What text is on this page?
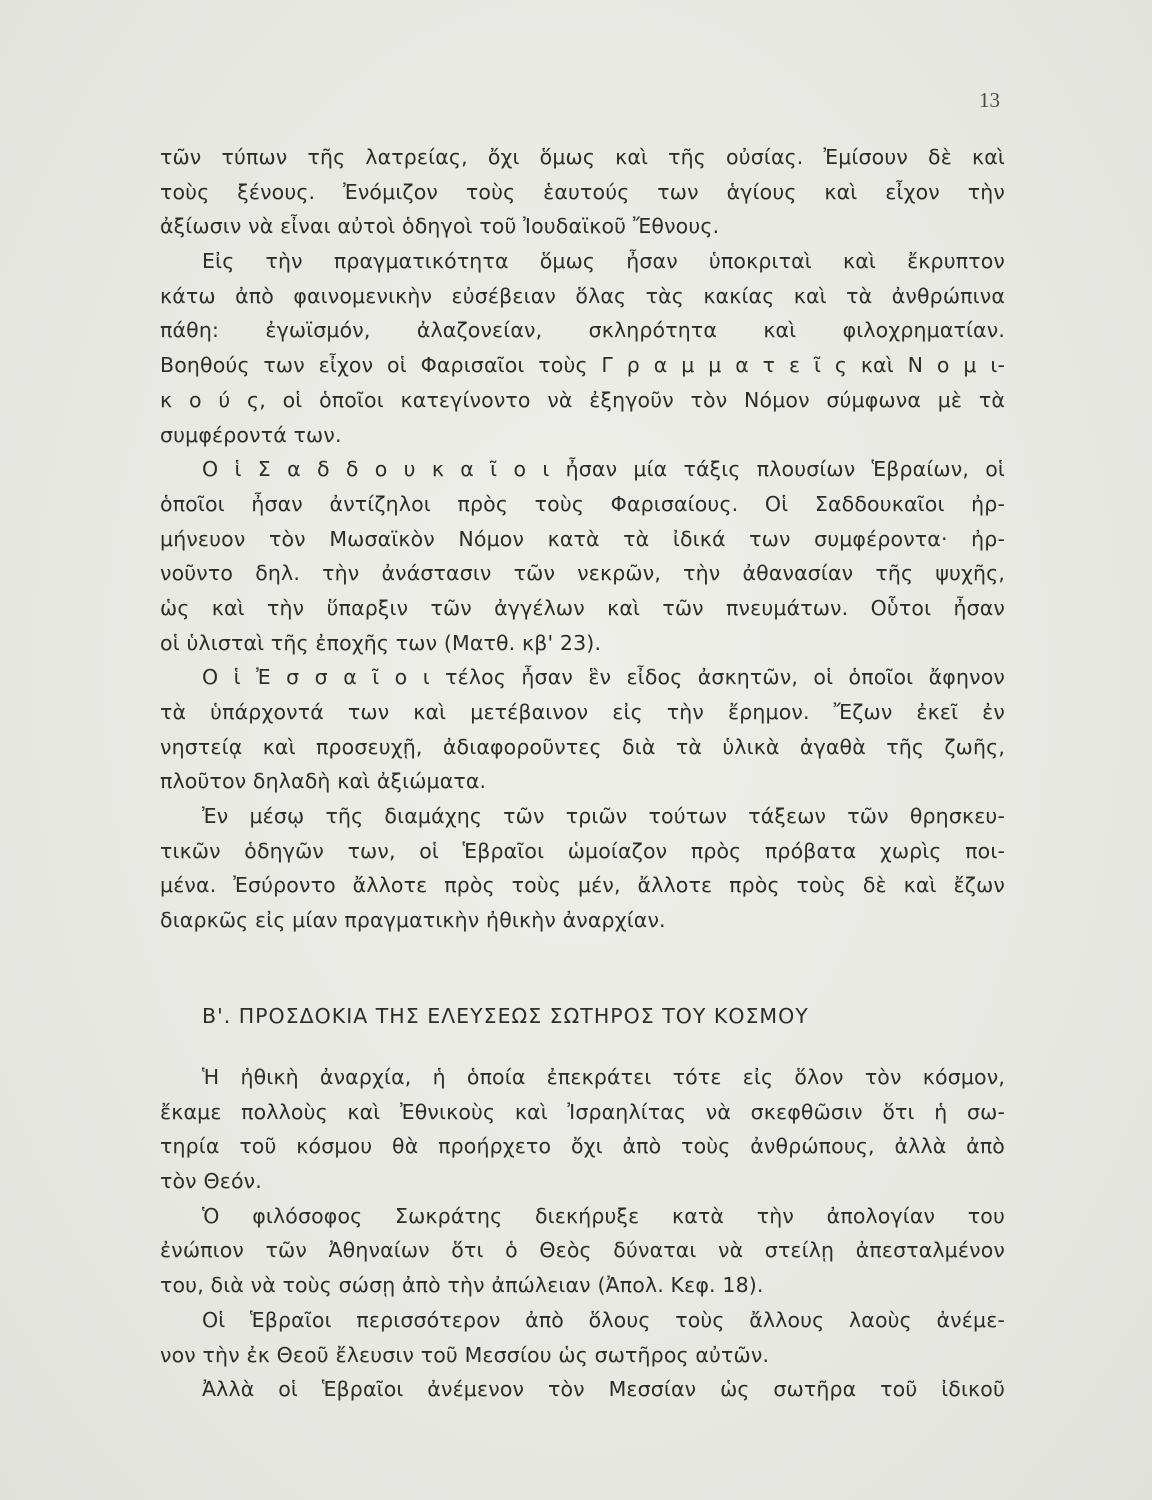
13
τῶν τύπων τῆς λατρείας, ὄχι ὅμως καὶ τῆς οὐσίας. Ἐμίσουν δὲ καὶ
τοὺς ξένους. Ἐνόμιζον τοὺς ἑαυτούς των ἁγίους καὶ εἶχον τὴν
ἀξίωσιν νὰ εἶναι αὐτοὶ ὁδηγοὶ τοῦ Ἰουδαϊκοῦ Ἔθνους.
Εἰς τὴν πραγματικότητα ὅμως ἦσαν ὑποκριταὶ καὶ ἔκρυπτον
κάτω ἀπὸ φαινομενικὴν εὐσέβειαν ὅλας τὰς κακίας καὶ τὰ ἀνθρώπινα
πάθη: ἐγωϊσμόν, ἀλαζονείαν, σκληρότητα καὶ φιλοχρηματίαν.
Βοηθούς των εἶχον οἱ Φαρισαῖοι τοὺς Γ ρ α μ μ α τ ε ῖ ς καὶ Ν ο μ ι-
κ ο ύ ς, οἱ ὁποῖοι κατεγίνοντο νὰ ἐξηγοῦν τὸν Νόμον σύμφωνα μὲ τὰ
συμφέροντά των.
Ο ἱ Σ α δ δ ο υ κ α ῖ ο ι ἦσαν μία τάξις πλουσίων Ἑβραίων, οἱ
ὁποῖοι ἦσαν ἀντίζηλοι πρὸς τοὺς Φαρισαίους. Οἱ Σαδδουκαῖοι ἠρ-
μήνευον τὸν Μωσαϊκὸν Νόμον κατὰ τὰ ἰδικά των συμφέροντα· ἠρ-
νοῦντο δηλ. τὴν ἀνάστασιν τῶν νεκρῶν, τὴν ἀθανασίαν τῆς ψυχῆς,
ὡς καὶ τὴν ὕπαρξιν τῶν ἀγγέλων καὶ τῶν πνευμάτων. Οὗτοι ἦσαν
οἱ ὑλισταὶ τῆς ἐποχῆς των (Ματθ. κβ' 23).
Ο ἱ Ἐ σ σ α ῖ ο ι τέλος ἦσαν ἓν εἶδος ἀσκητῶν, οἱ ὁποῖοι ἄφηνον
τὰ ὑπάρχοντά των καὶ μετέβαινον εἰς τὴν ἔρημον. Ἔζων ἐκεῖ ἐν
νηστείᾳ καὶ προσευχῇ, ἀδιαφοροῦντες διὰ τὰ ὑλικὰ ἀγαθὰ τῆς ζωῆς,
πλοῦτον δηλαδὴ καὶ ἀξιώματα.
Ἐν μέσῳ τῆς διαμάχης τῶν τριῶν τούτων τάξεων τῶν θρησκευ-
τικῶν ὁδηγῶν των, οἱ Ἑβραῖοι ὡμοίαζον πρὸς πρόβατα χωρὶς ποι-
μένα. Ἐσύροντο ἄλλοτε πρὸς τοὺς μέν, ἄλλοτε πρὸς τοὺς δὲ καὶ ἔζων
διαρκῶς εἰς μίαν πραγματικὴν ἠθικὴν ἀναρχίαν.
Β'. ΠΡΟΣΔΟΚΙΑ ΤΗΣ ΕΛΕΥΣΕΩΣ ΣΩΤΗΡΟΣ ΤΟΥ ΚΟΣΜΟΥ
Ἡ ἠθικὴ ἀναρχία, ἡ ὁποία ἐπεκράτει τότε εἰς ὅλον τὸν κόσμον,
ἔκαμε πολλοὺς καὶ Ἐθνικοὺς καὶ Ἰσραηλίτας νὰ σκεφθῶσιν ὅτι ἡ σω-
τηρία τοῦ κόσμου θὰ προήρχετο ὄχι ἀπὸ τοὺς ἀνθρώπους, ἀλλὰ ἀπὸ
τὸν Θεόν.
Ὁ φιλόσοφος Σωκράτης διεκήρυξε κατὰ τὴν ἀπολογίαν του
ἐνώπιον τῶν Ἀθηναίων ὅτι ὁ Θεὸς δύναται νὰ στείλῃ ἀπεσταλμένον
του, διὰ νὰ τοὺς σώσῃ ἀπὸ τὴν ἀπώλειαν (Ἀπολ. Κεφ. 18).
Οἱ Ἑβραῖοι περισσότερον ἀπὸ ὅλους τοὺς ἄλλους λαοὺς ἀνέμε-
νον τὴν ἐκ Θεοῦ ἔλευσιν τοῦ Μεσσίου ὡς σωτῆρος αὐτῶν.
Ἀλλὰ οἱ Ἑβραῖοι ἀνέμενον τὸν Μεσσίαν ὡς σωτῆρα τοῦ ἰδικοῦ
